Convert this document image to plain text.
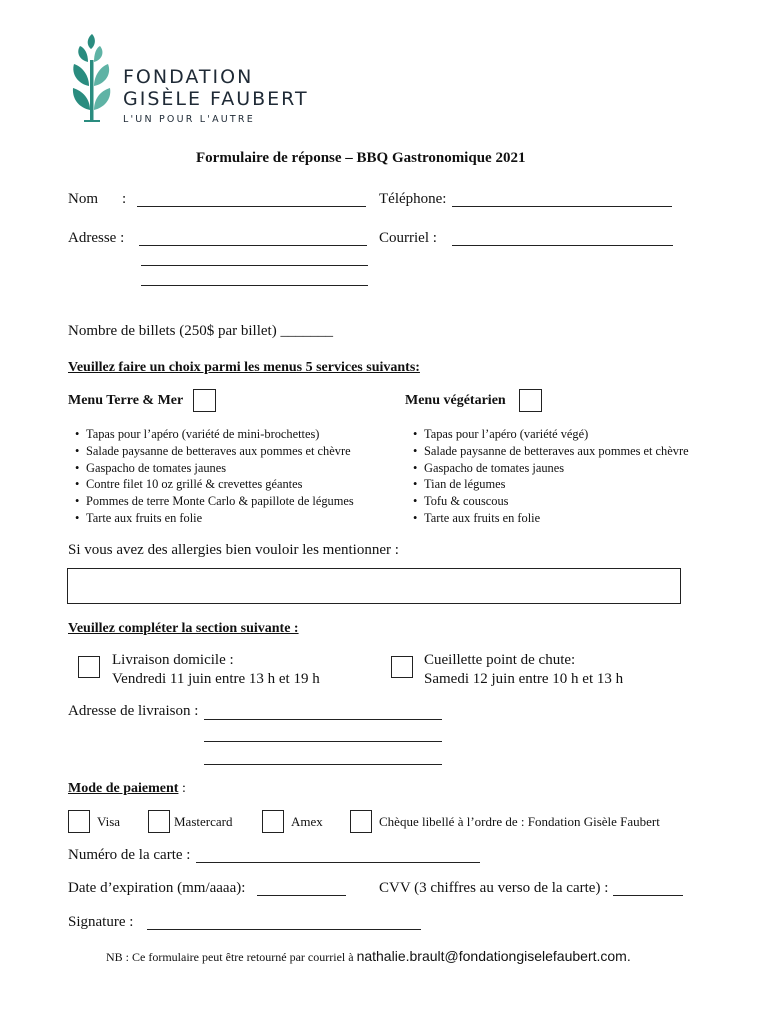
FONDATION
GISÈLE FAUBERT
L'UN POUR L'AUTRE
Formulaire de réponse – BBQ Gastronomique 2021
Nom :	Téléphone:
Adresse :	Courriel :
Nombre de billets (250$ par billet) _______
Veuillez faire un choix parmi les menus 5 services suivants:
Menu Terre & Mer
• Tapas pour l’apéro (variété de mini-brochettes)
• Salade paysanne de betteraves aux pommes et chèvre
• Gaspacho de tomates jaunes
• Contre filet 10 oz grillé & crevettes géantes
• Pommes de terre Monte Carlo & papillote de légumes
• Tarte aux fruits en folie
Menu végétarien
• Tapas pour l’apéro (variété végé)
• Salade paysanne de betteraves aux pommes et chèvre
• Gaspacho de tomates jaunes
• Tian de légumes
• Tofu & couscous
• Tarte aux fruits en folie
Si vous avez des allergies bien vouloir les mentionner :
Veuillez compléter la section suivante :
Livraison domicile :
Vendredi 11 juin entre 13 h et 19 h
Cueillette point de chute:
Samedi 12 juin entre 10 h et 13 h
Adresse de livraison :
Mode de paiement :
Visa	Mastercard	Amex	Chèque libellé à l’ordre de : Fondation Gisèle Faubert
Numéro de la carte :
Date d’expiration (mm/aaaa):	CVV (3 chiffres au verso de la carte) :
Signature :
NB : Ce formulaire peut être retourné par courriel à nathalie.brault@fondationgiselefaubert.com.
